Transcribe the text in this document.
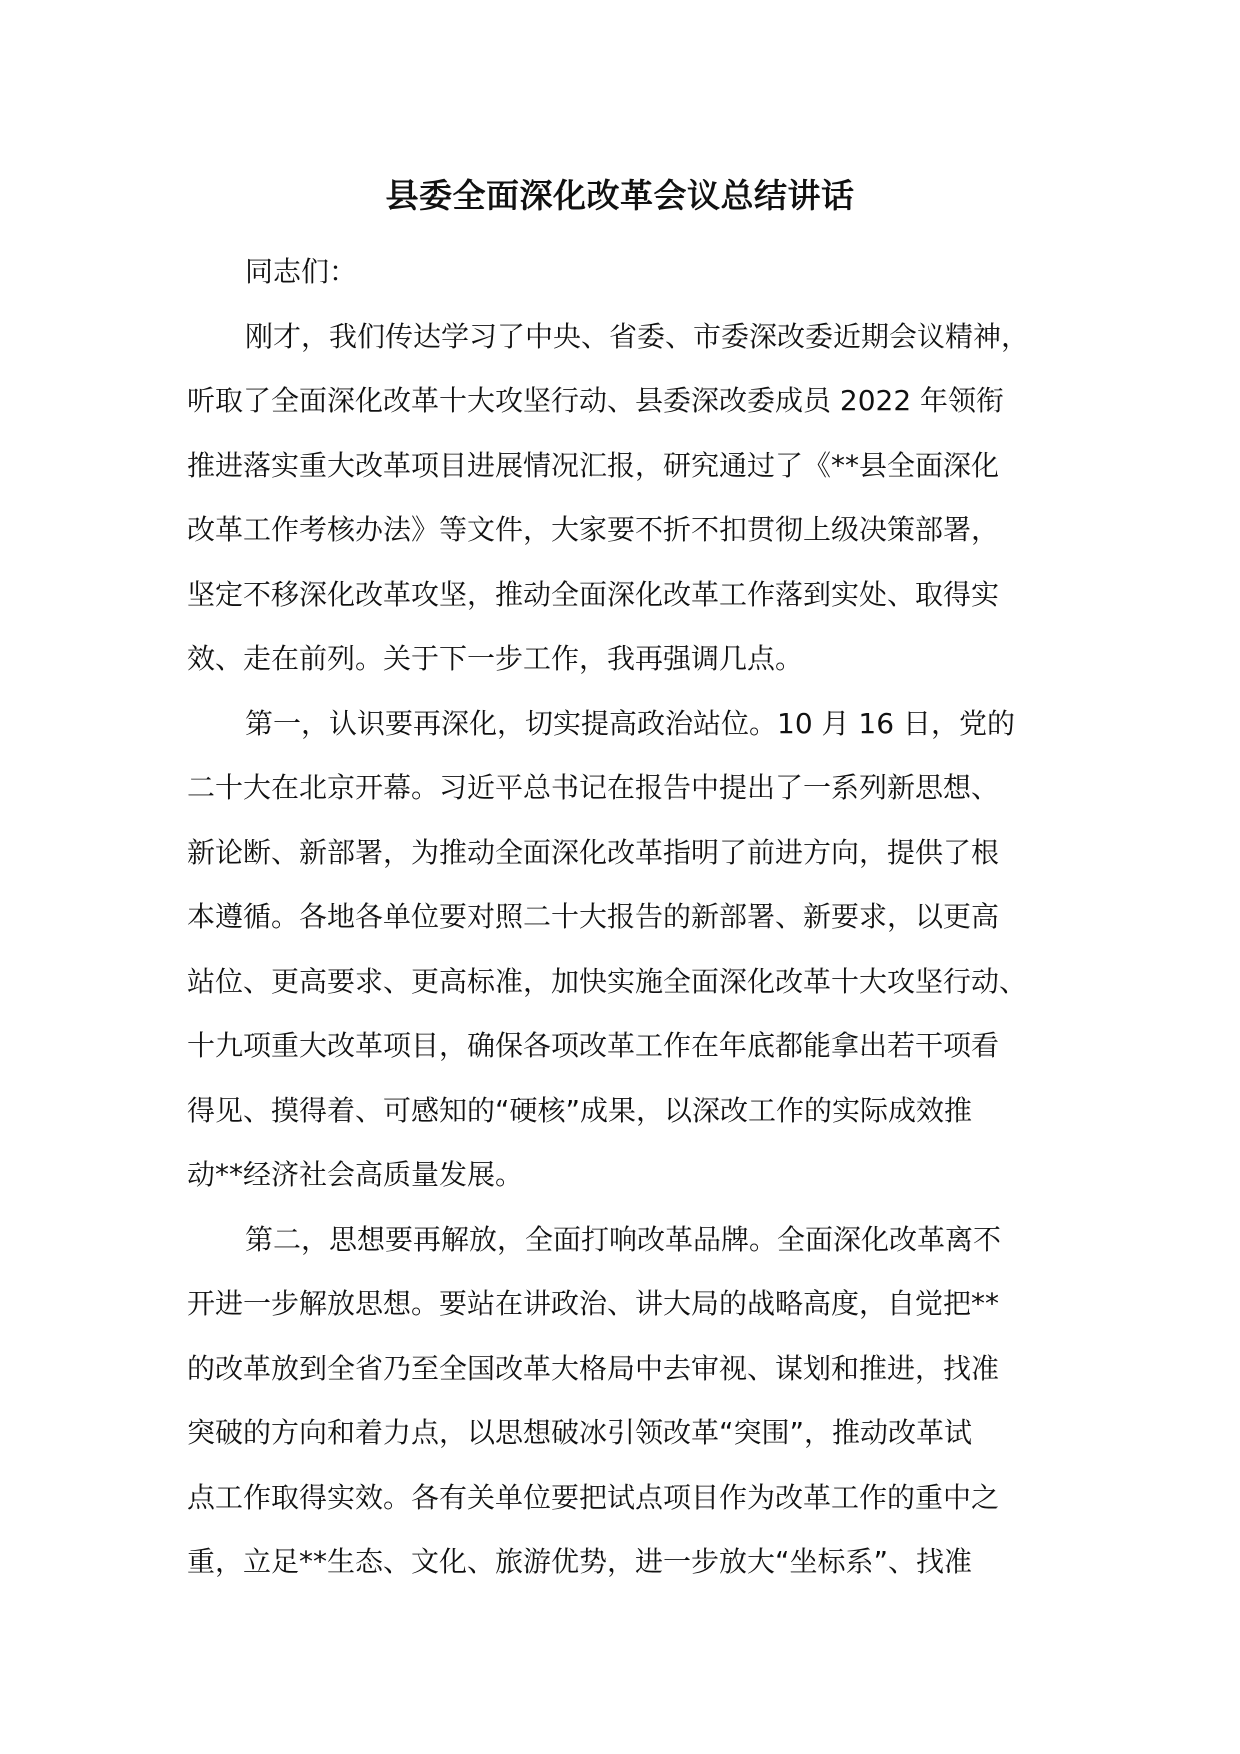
县委全面深化改革会议总结讲话
同志们：
刚才，我们传达学习了中央、省委、市委深改委近期会议精神，
听取了全面深化改革十大攻坚行动、县委深改委成员 2022 年领衔
推进落实重大改革项目进展情况汇报，研究通过了《**县全面深化
改革工作考核办法》等文件，大家要不折不扣贯彻上级决策部署，
坚定不移深化改革攻坚，推动全面深化改革工作落到实处、取得实
效、走在前列。关于下一步工作，我再强调几点。
第一，认识要再深化，切实提高政治站位。10 月 16 日，党的
二十大在北京开幕。习近平总书记在报告中提出了一系列新思想、
新论断、新部署，为推动全面深化改革指明了前进方向，提供了根
本遵循。各地各单位要对照二十大报告的新部署、新要求，以更高
站位、更高要求、更高标准，加快实施全面深化改革十大攻坚行动、
十九项重大改革项目，确保各项改革工作在年底都能拿出若干项看
得见、摸得着、可感知的“硬核”成果，以深改工作的实际成效推
动**经济社会高质量发展。
第二，思想要再解放，全面打响改革品牌。全面深化改革离不
开进一步解放思想。要站在讲政治、讲大局的战略高度，自觉把**
的改革放到全省乃至全国改革大格局中去审视、谋划和推进，找准
突破的方向和着力点，以思想破冰引领改革“突围”，推动改革试
点工作取得实效。各有关单位要把试点项目作为改革工作的重中之
重，立足**生态、文化、旅游优势，进一步放大“坐标系”、找准
